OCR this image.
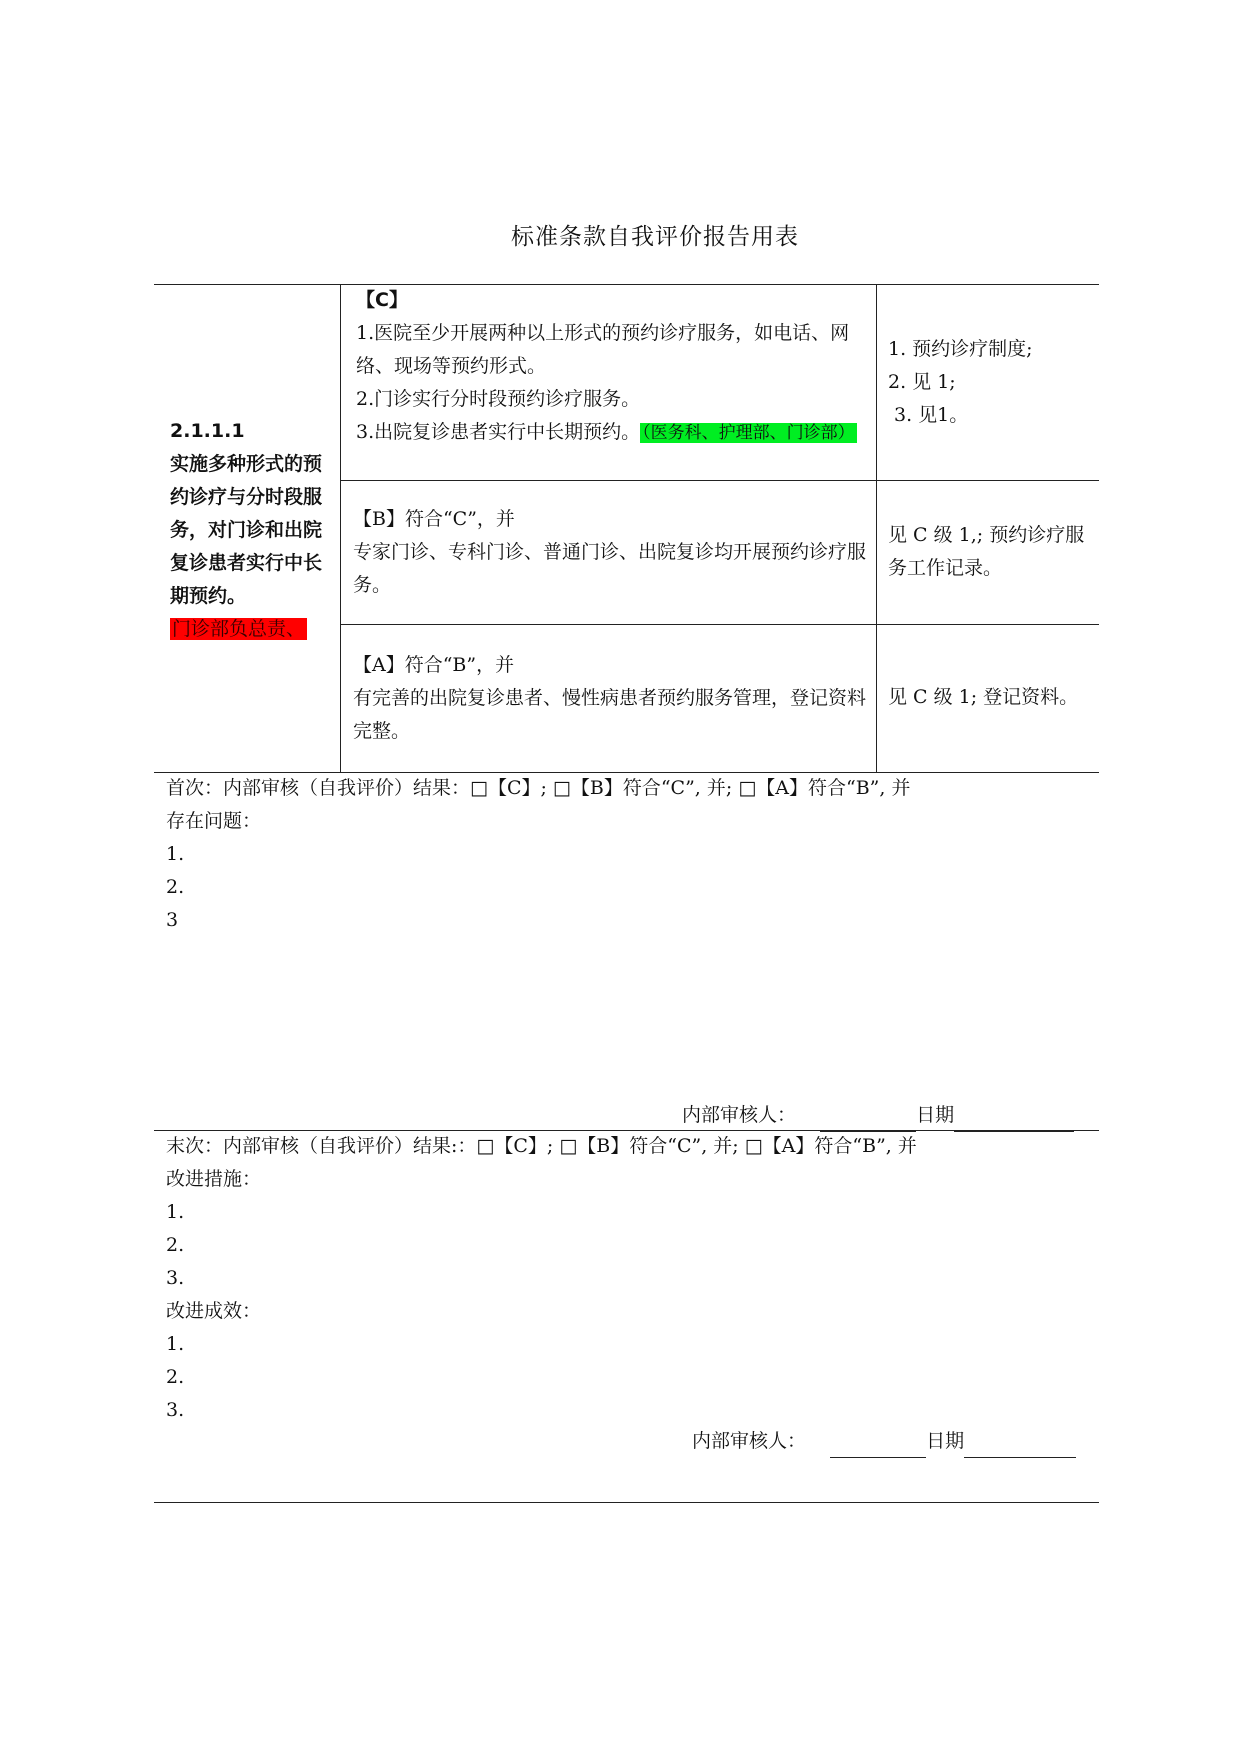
标准条款自我评价报告用表
2.1.1.1
实施多种形式的预约诊疗与分时段服务，对门诊和出院复诊患者实行中长期预约。
门诊部负总责、
【C】
1.医院至少开展两种以上形式的预约诊疗服务，如电话、网络、现场等预约形式。
2.门诊实行分时段预约诊疗服务。
3.出院复诊患者实行中长期预约。 （医务科、护理部、门诊部）
1. 预约诊疗制度;
2. 见 1;
3. 见1。
【B】符合“C”，并
专家门诊、专科门诊、普通门诊、出院复诊均开展预约诊疗服务。
见 C 级 1,; 预约诊疗服务工作记录。
【A】符合“B”，并
有完善的出院复诊患者、慢性病患者预约服务管理，登记资料完整。
见 C 级 1; 登记资料。
首次：内部审核（自我评价）结果：□【C】; □【B】符合“C”, 并; □【A】符合“B”, 并
存在问题：
1.
2.
3
内部审核人：	日期
末次：内部审核（自我评价）结果:：□【C】; □【B】符合“C”, 并; □【A】符合“B”, 并
改进措施：
1.
2.
3.
改进成效：
1.
2.
3.
内部审核人：	日期
